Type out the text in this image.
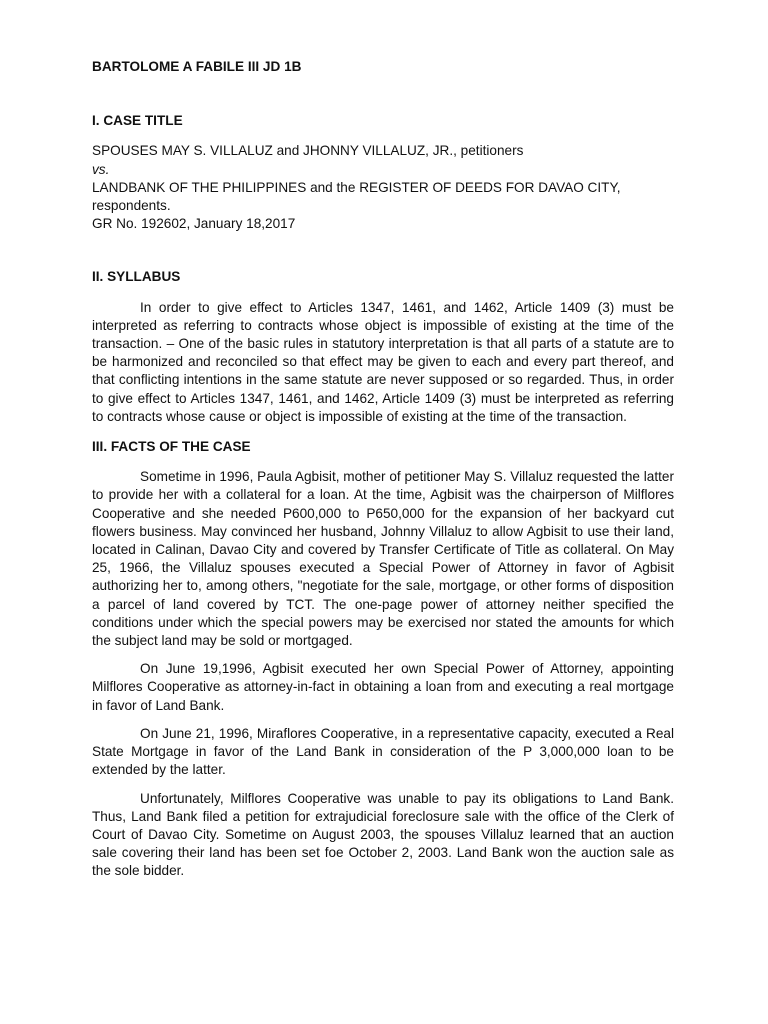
BARTOLOME A FABILE III JD 1B

I. CASE TITLE

SPOUSES MAY S. VILLALUZ and JHONNY VILLALUZ, JR., petitioners

vs.

LANDBANK OF THE PHILIPPINES and the REGISTER OF DEEDS FOR DAVAO CITY, respondents.

GR No. 192602, January 18,2017

II. SYLLABUS

In order to give effect to Articles 1347, 1461, and 1462, Article 1409 (3) must be interpreted as referring to contracts whose object is impossible of existing at the time of the transaction. – One of the basic rules in statutory interpretation is that all parts of a statute are to be harmonized and reconciled so that effect may be given to each and every part thereof, and that conflicting intentions in the same statute are never supposed or so regarded. Thus, in order to give effect to Articles 1347, 1461, and 1462, Article 1409 (3) must be interpreted as referring to contracts whose cause or object is impossible of existing at the time of the transaction.

III. FACTS OF THE CASE

Sometime in 1996, Paula Agbisit, mother of petitioner May S. Villaluz requested the latter to provide her with a collateral for a loan. At the time, Agbisit was the chairperson of Milflores Cooperative and she needed P600,000 to P650,000 for the expansion of her backyard cut flowers business. May convinced her husband, Johnny Villaluz to allow Agbisit to use their land, located in Calinan, Davao City and covered by Transfer Certificate of Title as collateral. On May 25, 1966, the Villaluz spouses executed a Special Power of Attorney in favor of Agbisit authorizing her to, among others, "negotiate for the sale, mortgage, or other forms of disposition a parcel of land covered by TCT. The one-page power of attorney neither specified the conditions under which the special powers may be exercised nor stated the amounts for which the subject land may be sold or mortgaged.

On June 19,1996, Agbisit executed her own Special Power of Attorney, appointing Milflores Cooperative as attorney-in-fact in obtaining a loan from and executing a real mortgage in favor of Land Bank.

On June 21, 1996, Miraflores Cooperative, in a representative capacity, executed a Real State Mortgage in favor of the Land Bank in consideration of the P 3,000,000 loan to be extended by the latter.

Unfortunately, Milflores Cooperative was unable to pay its obligations to Land Bank. Thus, Land Bank filed a petition for extrajudicial foreclosure sale with the office of the Clerk of Court of Davao City. Sometime on August 2003, the spouses Villaluz learned that an auction sale covering their land has been set foe October 2, 2003. Land Bank won the auction sale as the sole bidder.
